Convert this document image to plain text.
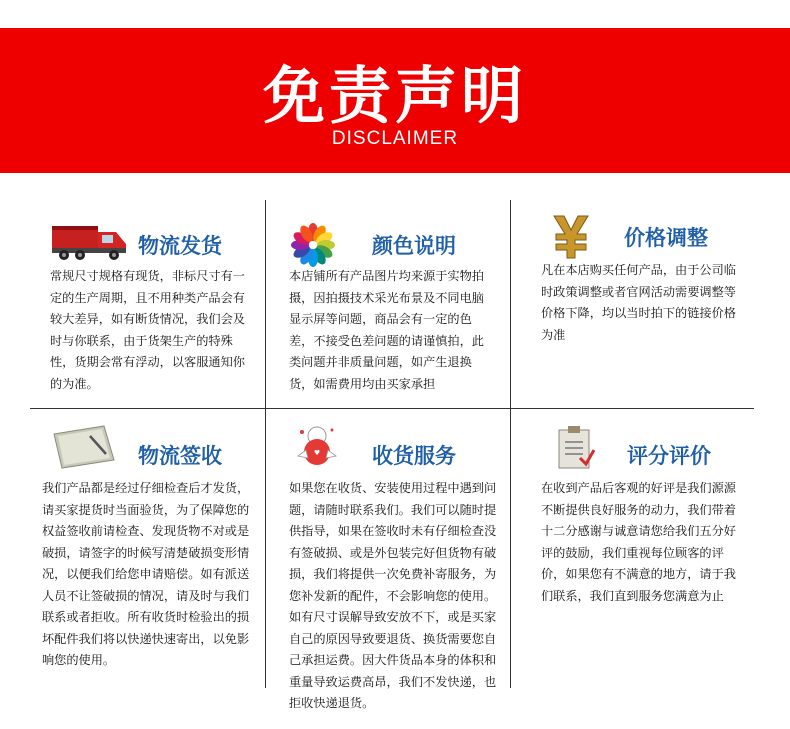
免责声明
DISCLAIMER
物流发货
常规尺寸规格有现货，非标尺寸有一定的生产周期，且不用种类产品会有较大差异，如有断货情况，我们会及时与你联系，由于货架生产的特殊性，货期会常有浮动，以客服通知你的为准。
颜色说明
本店铺所有产品图片均来源于实物拍摄，因拍摄技术采光布景及不同电脑显示屏等问题，商品会有一定的色差，不接受色差问题的请谨慎拍，此类问题并非质量问题，如产生退换货，如需费用均由买家承担
价格调整
凡在本店购买任何产品，由于公司临时政策调整或者官网活动需要调整等价格下降，均以当时拍下的链接价格为准
物流签收
我们产品都是经过仔细检查后才发货，请买家提货时当面验货，为了保障您的权益签收前请检查、发现货物不对或是破损，请签字的时候写清楚破损变形情况，以便我们给您申请赔偿。如有派送人员不让签破损的情况，请及时与我们联系或者拒收。所有收货时检验出的损坏配件我们将以快递快速寄出，以免影响您的使用。
♥ 收货服务
如果您在收货、安装使用过程中遇到问题，请随时联系我们。我们可以随时提供指导，如果在签收时未有仔细检查没有签破损、或是外包装完好但货物有破损，我们将提供一次免费补寄服务，为您补发新的配件，不会影响您的使用。如有尺寸误解导致安放不下，或是买家自己的原因导致要退货、换货需要您自己承担运费。因大件货品本身的体积和重量导致运费高昂，我们不发快递，也拒收快递退货。
评分评价
在收到产品后客观的好评是我们源源不断提供良好服务的动力，我们带着十二分感谢与诚意请您给我们五分好评的鼓励，我们重视每位顾客的评价，如果您有不满意的地方，请于我们联系，我们直到服务您满意为止
